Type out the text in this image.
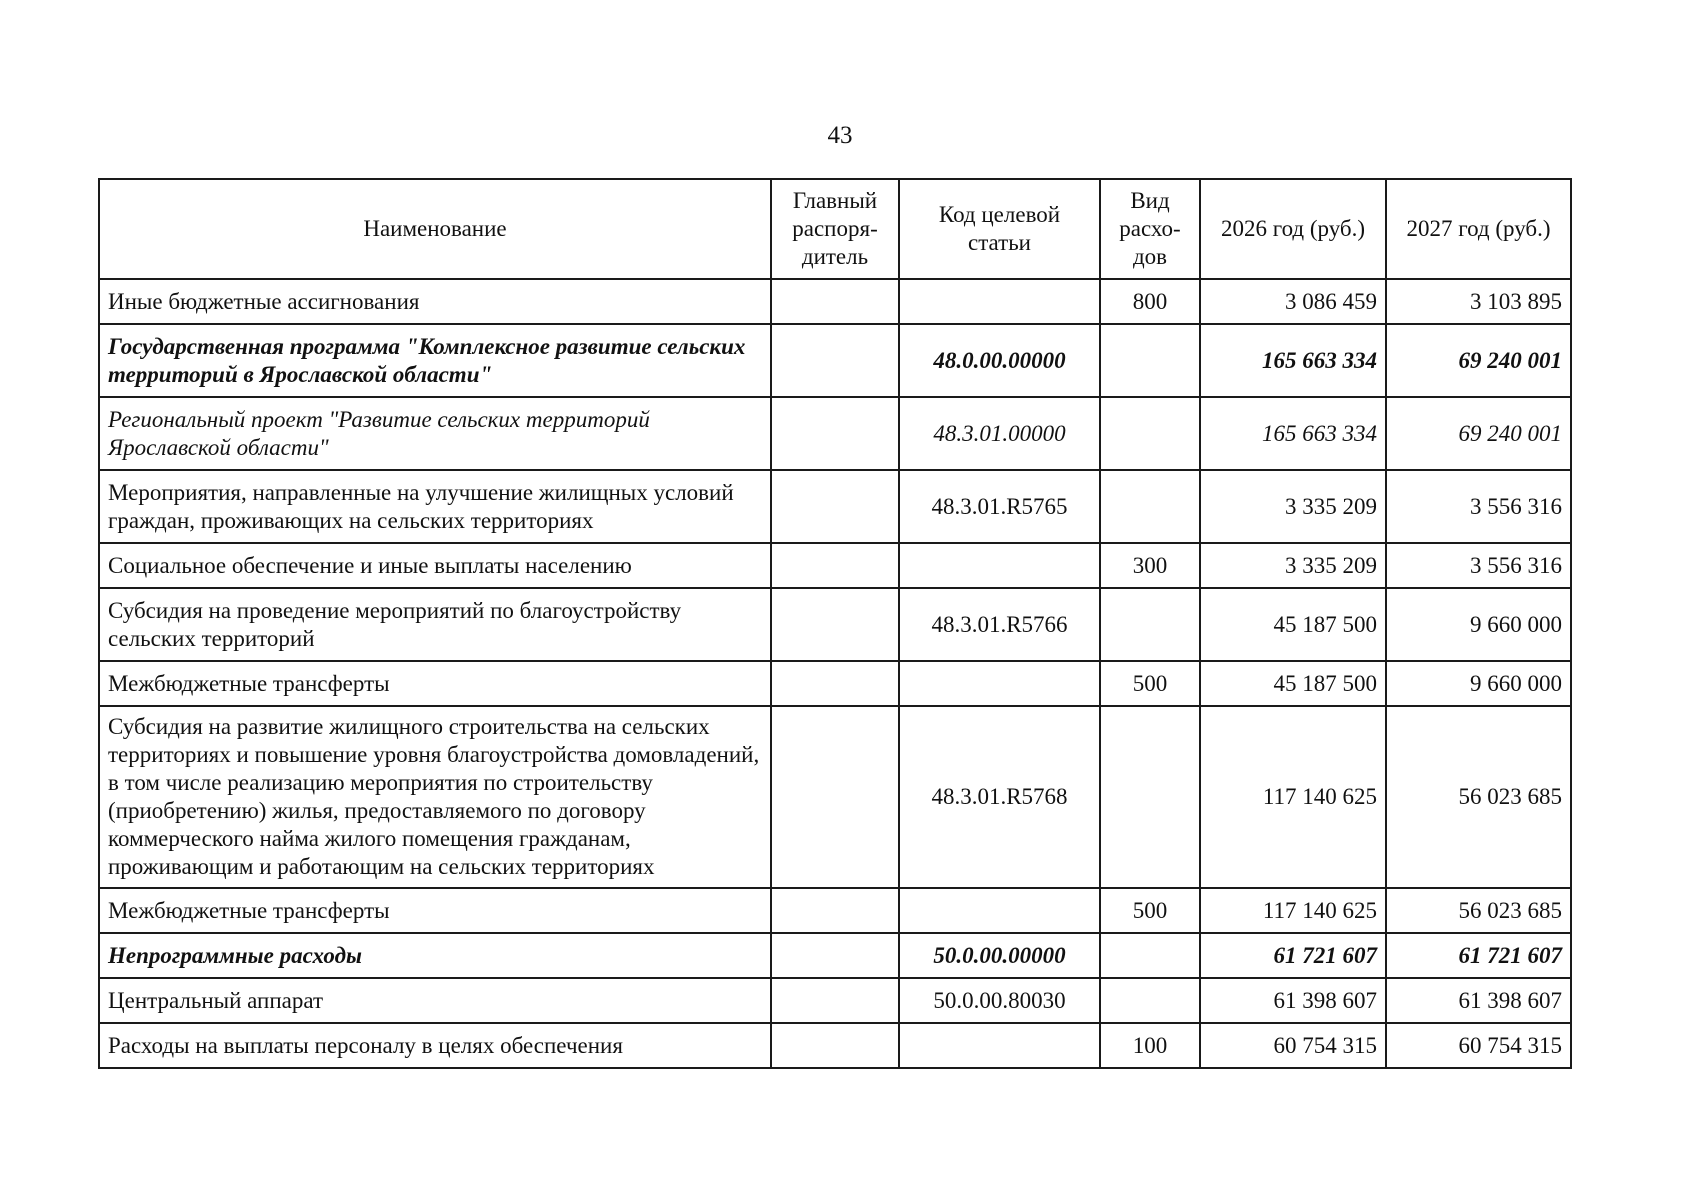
43
Наименование	Главный распоря-дитель	Код целевой статьи	Вид расхо-дов	2026 год (руб.)	2027 год (руб.)
Иные бюджетные ассигнования			800	3 086 459	3 103 895
Государственная программа "Комплексное развитие сельских территорий в Ярославской области"		48.0.00.00000		165 663 334	69 240 001
Региональный проект "Развитие сельских территорий Ярославской области"		48.3.01.00000		165 663 334	69 240 001
Мероприятия, направленные на улучшение жилищных условий граждан, проживающих на сельских территориях		48.3.01.R5765		3 335 209	3 556 316
Социальное обеспечение и иные выплаты населению			300	3 335 209	3 556 316
Субсидия на проведение мероприятий по благоустройству сельских территорий		48.3.01.R5766		45 187 500	9 660 000
Межбюджетные трансферты			500	45 187 500	9 660 000
Субсидия на развитие жилищного строительства на сельских территориях и повышение уровня благоустройства домовладений, в том числе реализацию мероприятия по строительству (приобретению) жилья, предоставляемого по договору коммерческого найма жилого помещения гражданам, проживающим и работающим на сельских территориях		48.3.01.R5768		117 140 625	56 023 685
Межбюджетные трансферты			500	117 140 625	56 023 685
Непрограммные расходы		50.0.00.00000		61 721 607	61 721 607
Центральный аппарат		50.0.00.80030		61 398 607	61 398 607
Расходы на выплаты персоналу в целях обеспечения			100	60 754 315	60 754 315
